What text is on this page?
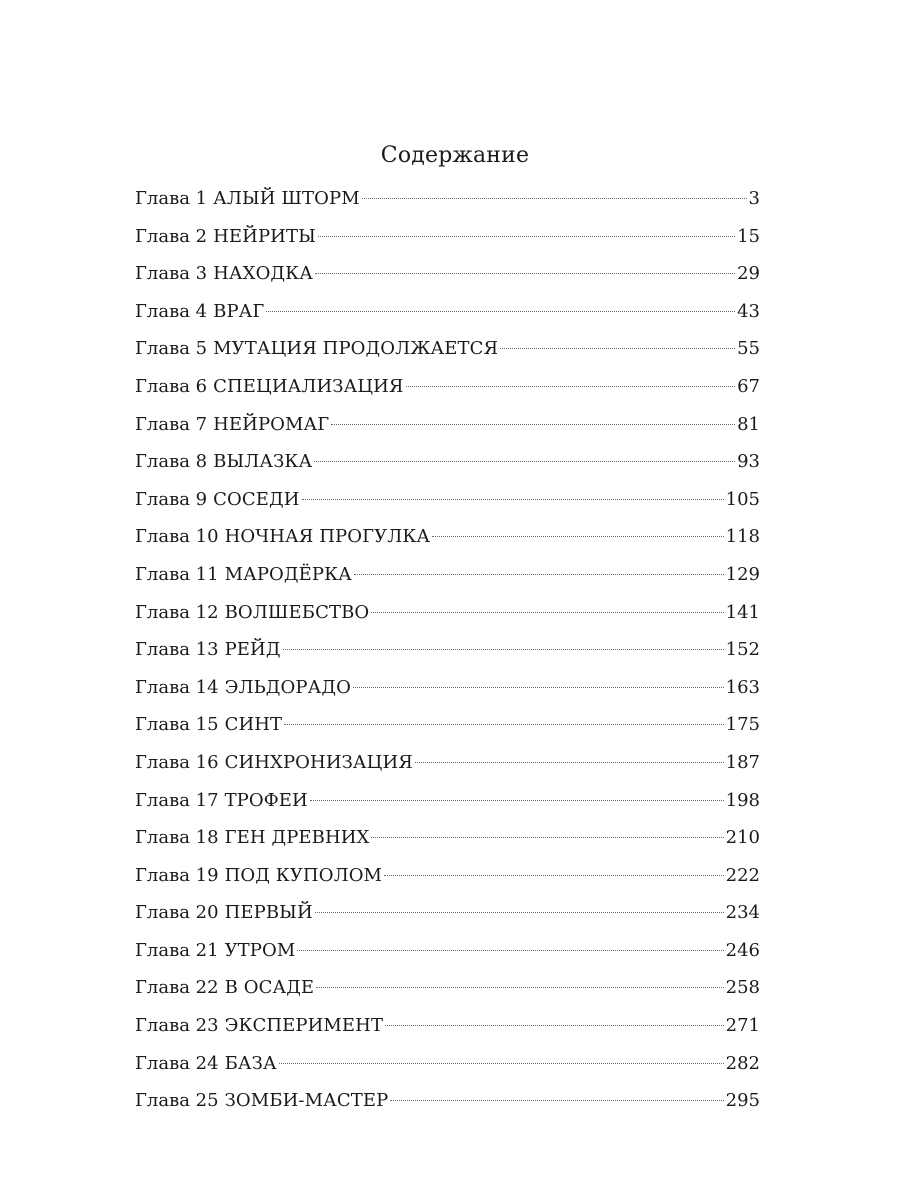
Содержание
Глава 1 АЛЫЙ ШТОРМ	3
Глава 2 НЕЙРИТЫ	15
Глава 3 НАХОДКА	29
Глава 4 ВРАГ	43
Глава 5 МУТАЦИЯ ПРОДОЛЖАЕТСЯ	55
Глава 6 СПЕЦИАЛИЗАЦИЯ	67
Глава 7 НЕЙРОМАГ	81
Глава 8 ВЫЛАЗКА	93
Глава 9 СОСЕДИ	105
Глава 10 НОЧНАЯ ПРОГУЛКА	118
Глава 11 МАРОДЁРКА	129
Глава 12 ВОЛШЕБСТВО	141
Глава 13 РЕЙД	152
Глава 14 ЭЛЬДОРАДО	163
Глава 15 СИНТ	175
Глава 16 СИНХРОНИЗАЦИЯ	187
Глава 17 ТРОФЕИ	198
Глава 18 ГЕН ДРЕВНИХ	210
Глава 19 ПОД КУПОЛОМ	222
Глава 20 ПЕРВЫЙ	234
Глава 21 УТРОМ	246
Глава 22 В ОСАДЕ	258
Глава 23 ЭКСПЕРИМЕНТ	271
Глава 24 БАЗА	282
Глава 25 ЗОМБИ-МАСТЕР	295
